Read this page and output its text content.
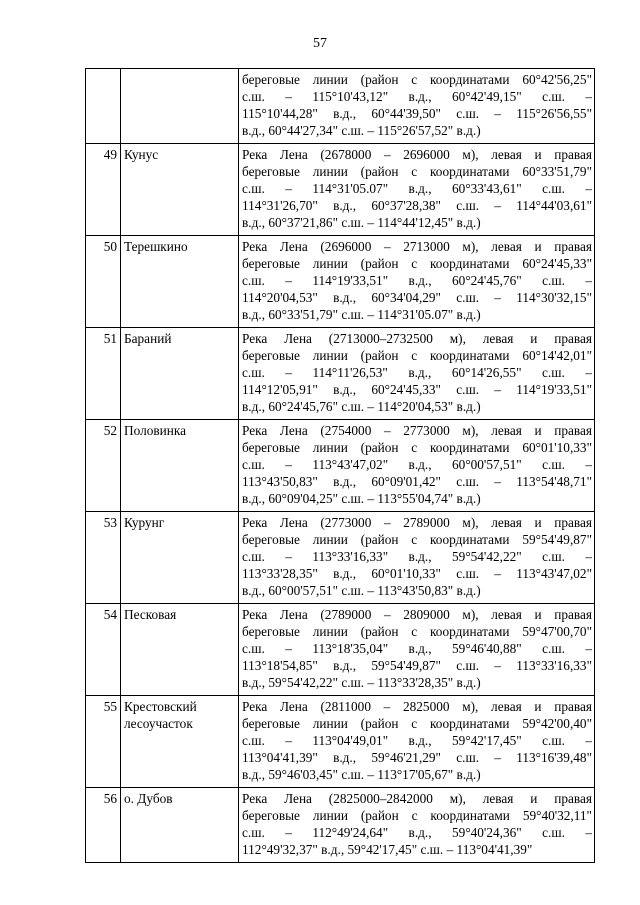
57

		береговые линии (район с координатами 60°42'56,25"
с.ш. – 115°10'43,12" в.д., 60°42'49,15" с.ш. –
115°10'44,28" в.д., 60°44'39,50" с.ш. – 115°26'56,55"
в.д., 60°44'27,34" с.ш. – 115°26'57,52" в.д.)

49	Кунус	Река Лена (2678000 – 2696000 м), левая и правая
береговые линии (район с координатами 60°33'51,79"
с.ш. – 114°31'05.07" в.д., 60°33'43,61" с.ш. –
114°31'26,70" в.д., 60°37'28,38" с.ш. – 114°44'03,61"
в.д., 60°37'21,86" с.ш. – 114°44'12,45" в.д.)

50	Терешкино	Река Лена (2696000 – 2713000 м), левая и правая
береговые линии (район с координатами 60°24'45,33"
с.ш. – 114°19'33,51" в.д., 60°24'45,76" с.ш. –
114°20'04,53" в.д., 60°34'04,29" с.ш. – 114°30'32,15"
в.д., 60°33'51,79" с.ш. – 114°31'05.07" в.д.)

51	Бараний	Река Лена (2713000–2732500 м), левая и правая
береговые линии (район с координатами 60°14'42,01"
с.ш. – 114°11'26,53" в.д., 60°14'26,55" с.ш. –
114°12'05,91" в.д., 60°24'45,33" с.ш. – 114°19'33,51"
в.д., 60°24'45,76" с.ш. – 114°20'04,53" в.д.)

52	Половинка	Река Лена (2754000 – 2773000 м), левая и правая
береговые линии (район с координатами 60°01'10,33"
с.ш. – 113°43'47,02" в.д., 60°00'57,51" с.ш. –
113°43'50,83" в.д., 60°09'01,42" с.ш. – 113°54'48,71"
в.д., 60°09'04,25" с.ш. – 113°55'04,74" в.д.)

53	Курунг	Река Лена (2773000 – 2789000 м), левая и правая
береговые линии (район с координатами 59°54'49,87"
с.ш. – 113°33'16,33" в.д., 59°54'42,22" с.ш. –
113°33'28,35" в.д., 60°01'10,33" с.ш. – 113°43'47,02"
в.д., 60°00'57,51" с.ш. – 113°43'50,83" в.д.)

54	Песковая	Река Лена (2789000 – 2809000 м), левая и правая
береговые линии (район с координатами 59°47'00,70"
с.ш. – 113°18'35,04" в.д., 59°46'40,88" с.ш. –
113°18'54,85" в.д., 59°54'49,87" с.ш. – 113°33'16,33"
в.д., 59°54'42,22" с.ш. – 113°33'28,35" в.д.)

55	Крестовский лесоучасток	Река Лена (2811000 – 2825000 м), левая и правая
береговые линии (район с координатами 59°42'00,40"
с.ш. – 113°04'49,01" в.д., 59°42'17,45" с.ш. –
113°04'41,39" в.д., 59°46'21,29" с.ш. – 113°16'39,48"
в.д., 59°46'03,45" с.ш. – 113°17'05,67" в.д.)

56	о. Дубов	Река Лена (2825000–2842000 м), левая и правая
береговые линии (район с координатами 59°40'32,11"
с.ш. – 112°49'24,64" в.д., 59°40'24,36" с.ш. –
112°49'32,37" в.д., 59°42'17,45" с.ш. – 113°04'41,39"
